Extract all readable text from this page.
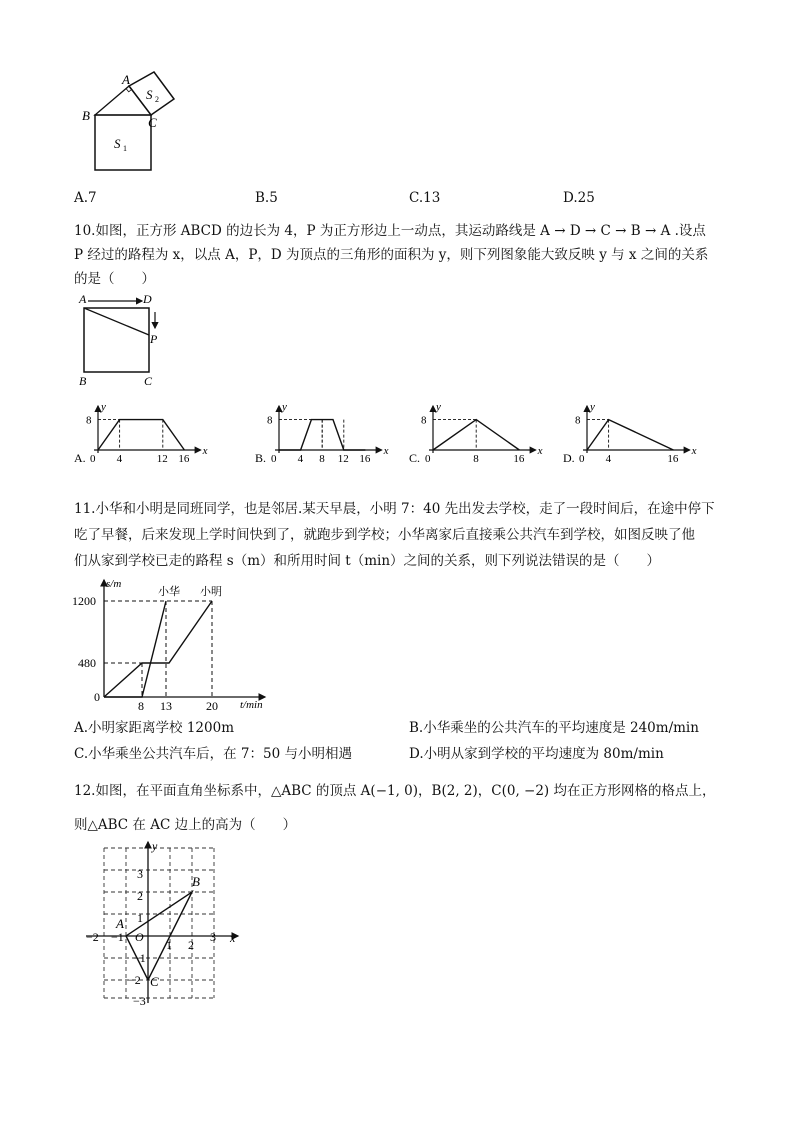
A
B	C
S 1
S 2
A.7	B.5	C.13	D.25
10.如图，正方形 ABCD 的边长为 4，P 为正方形边上一动点，其运动路线是 A → D → C → B → A .设点
P 经过的路程为 x，以点 A，P，D 为顶点的三角形的面积为 y，则下列图象能大致反映 y 与 x 之间的关系
的是（　　）
A	D
P
B	C
A.
y
x
8
0 4	12 16	B.
y
x
8
0 4 8 12 16	C.
y
x
8
0	8	16	D.
y
x
8
0 4	16
11.小华和小明是同班同学，也是邻居.某天早晨，小明 7：40 先出发去学校，走了一段时间后，在途中停下
吃了早餐，后来发现上学时间快到了，就跑步到学校；小华离家后直接乘公共汽车到学校，如图反映了他
们从家到学校已走的路程 s（m）和所用时间 t（min）之间的关系，则下列说法错误的是（　　）
s/m
t/min
1200
480
0
8 13	20
小华 小明
A.小明家距离学校 1200m	B.小华乘坐的公共汽车的平均速度是 240m/min
C.小华乘坐公共汽车后，在 7：50 与小明相遇	D.小明从家到学校的平均速度为 80m/min
12.如图，在平面直角坐标系中，△ABC 的顶点 A(−1, 0)，B(2, 2)，C(0, −2) 均在正方形网格的格点上，
则△ABC 在 AC 边上的高为（　　）
y
x
−2 −1 O
1 2
3
3
2
1
−1
−2
−3
A
B
C
